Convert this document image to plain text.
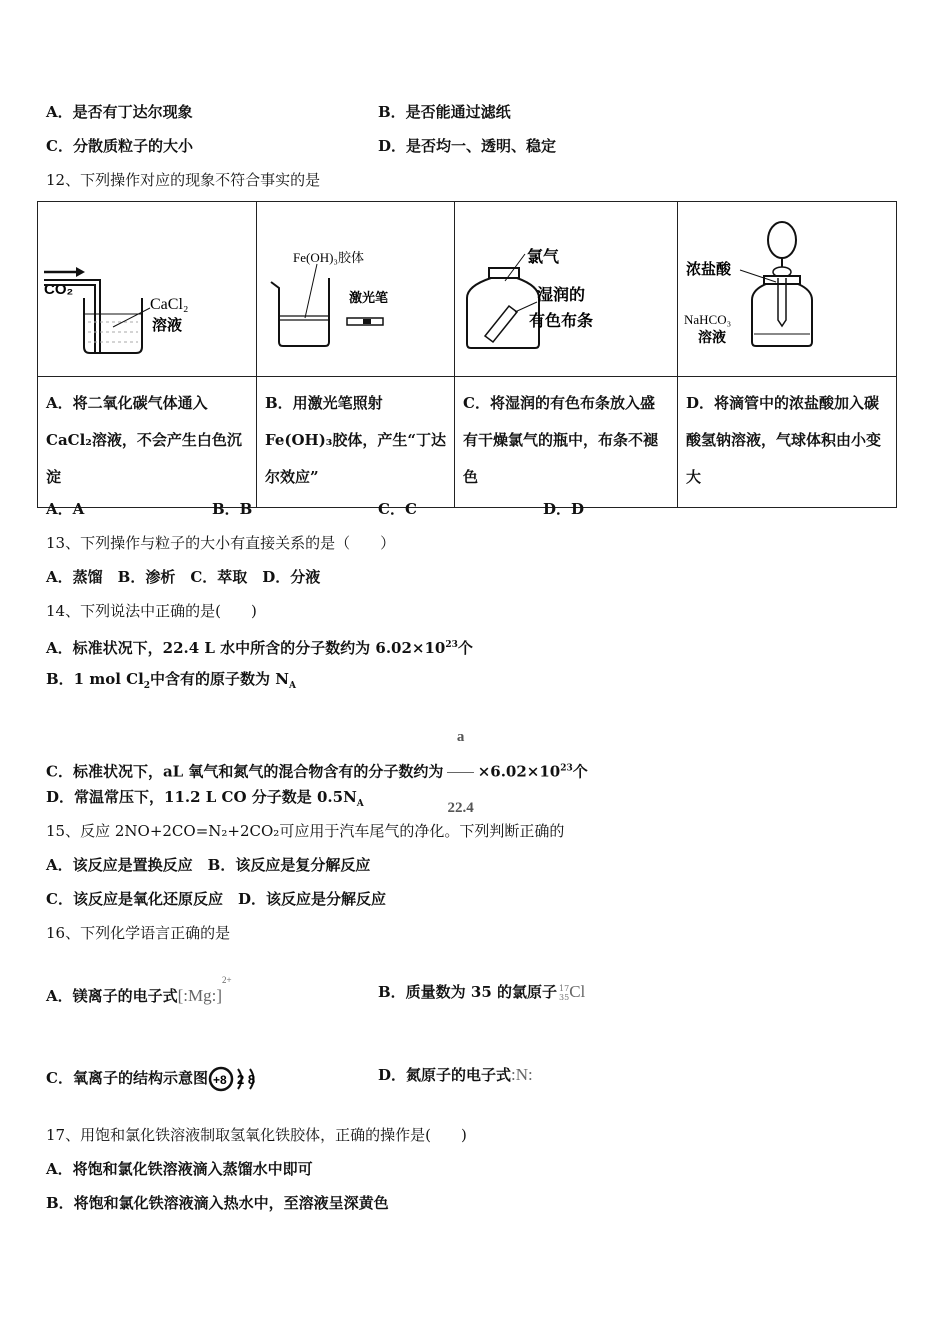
A．是否有丁达尔现象	B．是否能通过滤纸
C．分散质粒子的大小	D．是否均一、透明、稳定
12、下列操作对应的现象不符合事实的是
CO₂
CaCl₂
溶液	Fe(OH)₃胶体
激光笔	氯气
湿润的
有色布条	浓盐酸
NaHCO₃
溶液

A．将二氧化碳气体通入CaCl₂溶液，不会产生白色沉淀	B．用激光笔照射Fe(OH)₃胶体，产生“丁达尔效应”	C．将湿润的有色布条放入盛有干燥氯气的瓶中，布条不褪色	D．将滴管中的浓盐酸加入碳酸氢钠溶液，气球体积由小变大
A．A	B．B	C．C	D．D
13、下列操作与粒子的大小有直接关系的是（　　）
A．蒸馏　B．渗析　C．萃取　D．分液
14、下列说法中正确的是(　　)
A．标准状况下，22.4 L 水中所含的分子数约为 $6.02\times 10^{23}$个
B．1 mol $Cl_2$中含有的原子数为 $N_A$
C．标准状况下，aL 氧气和氮气的混合物含有的分子数约为 $\frac{a}{22.4} \times 6.02\times 10^{23}$个
D．常温常压下，11.2 L CO 分子数是 $0.5N_A$
15、反应 2NO+2CO=N₂+2CO₂可应用于汽车尾气的净化。下列判断正确的
A．该反应是置换反应　B．该反应是复分解反应
C．该反应是氧化还原反应　D．该反应是分解反应
16、下列化学语言正确的是
A．镁离子的电子式[:Mg:]$^{2+}$
B．质量数为 35 的氯原子 17
35 Cl
C．氧离子的结构示意图 +8 2 8	D．氮原子的电子式:N:
17、用饱和氯化铁溶液制取氢氧化铁胶体，正确的操作是(　　)
A．将饱和氯化铁溶液滴入蒸馏水中即可
B．将饱和氯化铁溶液滴入热水中，至溶液呈深黄色
